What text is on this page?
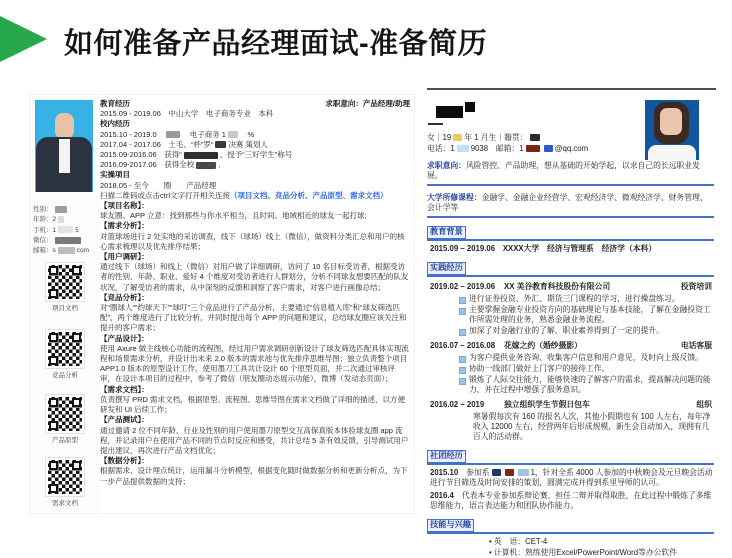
如何准备产品经理面试-准备简历
性别：
年龄：2
手机：1	5
微信：
邮箱：s	com
项目文档
竞品分析
产品原型
需求文档
教育经历	求职意向：产品经理/助理
2015.09 - 2019.06　中山大学　电子商务专业　本科
校内经历
2015.10 - 2019.0　　电子商务 1　%
2017.04 - 2017.06　土毛、“杯”罗“ 决赛 策划人
2015.09-2016.06　获得“	，授予“三好学生”称号
2016.09-2017.06　获得全校	．
实操项目
2018.05 - 至今　　圈　　产品经理
扫描二维码或点击ctrl文字打开相关连接（项目文档、竞品分析、产品原型、需求文档）
【项目名称】：

球友圈、APP 立意：找到那些与你水平相当，且时间、地域相近的球友一起打球;

【需求分析】：

对篮球场进行 2 处实地的采访调查，线下（球场）线上（微信），做资料分类汇总和用户的核心需求梳理以及优先排序结果；

【用户调研】：

通过线下（球场）和线上（微信）对用户做了详细调研，访问了 10 名目标受访者，根据受访者的性别、年龄、职业、爱好 4 个维度对受访者进行人群划分，分析不同球友想要匹配的队友状况，了解受访者的需求，从中深刻的反馈和洞察了客户需求，对客户进行画像总结；

【竞品分析】：

对“圈球人”“约球天下”“球叮”三个竞品进行了产品分析，主要通过“信息植入库”和“球友筛选匹配”，两个维度进行了比较分析，并同时提出每个 APP 的问题和建议，总结球友圈应该关注和提升的客户需求；

【产品设计】：

使用 Axure 做主线核心功能的流程图，经过用户需求调研创新设计了球友筛选匹配具体实现流程和场景需求分析，并设计出未来 2.0 版本的需求池与优先排序思维导图；独立负责整个项目 APP1.0 版本的原型设计工作，使用墨刀工具共计设计 60 个原型页面，并二次通过审核评审，在设计本项目的过程中，参考了微信（朋友圈动态展示功能），微博（发动态页面）；

【需求文档】：

负责撰写 PRD 需求文档，根据原型、流程图、思维导图在需求文档做了详细的描述，以方便研发和 UI 后续工作；

【产品测试】：

通过邀请 2 位不同年龄、行业及性别的用户使用墨刀原型交互高保真版本体验球友圈 app 流程，并记录用户在使用产品不同的节点时反应和感受，共计总结 5 条有效反馈，引导测试用户提出建议，再次进行产品文档优化；

【数据分析】：

根据需求，设计埋点统计，运用漏斗分析模型，根据变化随时做数据分析和更新分析点，为下一步产品提供数据的支持；

女｜19 年 1 月生｜籍贯：
电话：1 9038　邮箱：1	@qq.com
求职意向：风险管控、产品助理，想从基础的开始学起，以求自己的长远职业发展。
大学所修课程：金融学、金融企业经营学、宏观经济学、微观经济学、财务管理、会计学等
教育背景
2015.09 – 2019.06　XXXX大学　经济与管理系　经济学（本科）
实践经历
2019.02 – 2019.06	XX 美谷教育科技股份有限公司	投资培训
进行证券投资、外汇、期货三门课程的学习，进行操盘练习。
主要掌握金融专业投资方向的基础理论与基本技能，了解在金融投资工作所需处理的业务，熟悉金融业务流程。
加深了对金融行业的了解，职业素养得到了一定的提升。
2016.07 – 2016.08	花嫁之约（婚纱摄影）	电话客服
为客户提供业务咨询、收集客户信息和用户意见，及时向上级反馈。
协助一线部门做好上门客户的接待工作。
锻炼了人际交往能力，能够快速的了解客户的需求，提高解决问题的能力，并在过程中增强了服务意识。
2016.02 – 2019	独立组织学生节假日包车	组织

寒暑假每次有 160 的报名人次，其他小假期也有 100 人左右，每年净收入 12000 左右，经营两年后形成规模，新生会自动加入，现拥有几百人的活动群。

社团经历
2015.10 参加系	1，针对全系 4000 人参加的中秋晚会及元旦晚会活动进行节目筛选及时间安排的策划，圆满完成并得到系里导师的认可。
2016.4 代表本专业参加系辩论赛，担任二辩并取得取胜，在此过程中锻炼了多维思维能力，语言表达能力和团队协作能力。
技能与兴趣
• 英　语：CET-4
• 计算机：熟练使用Excel/PowerPoint/Word等办公软件
